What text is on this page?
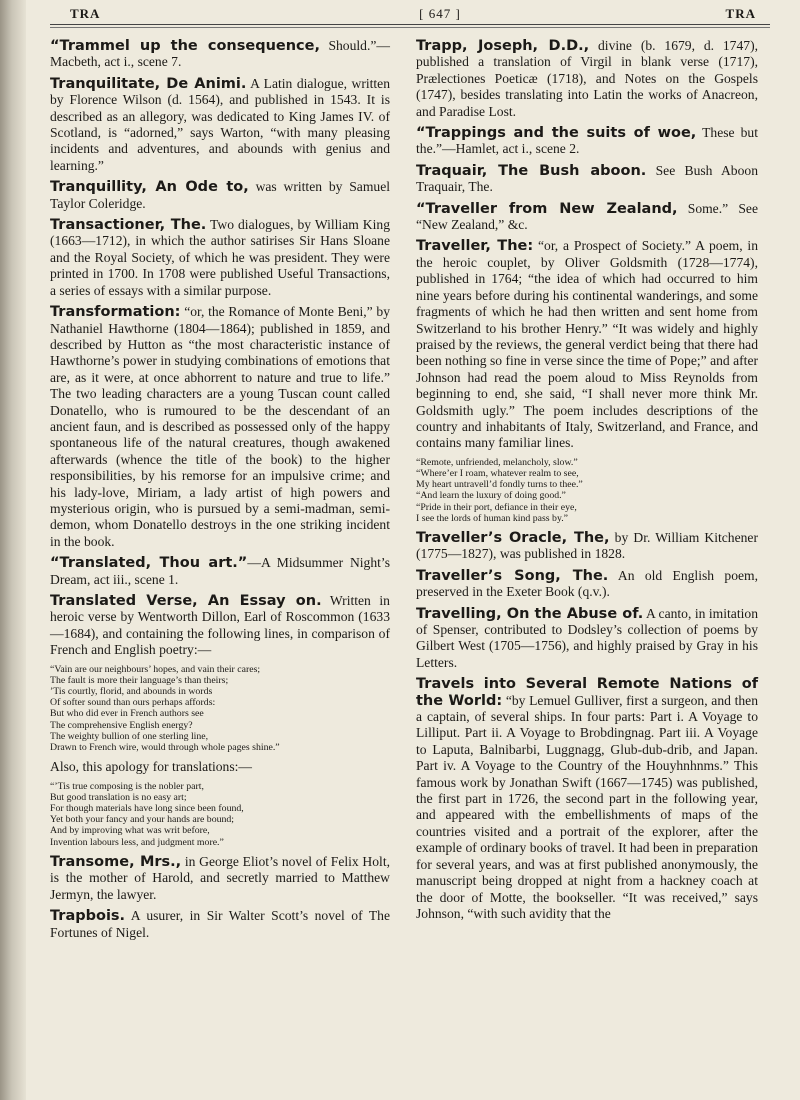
TRA	[ 647 ]	TRA

“Trammel up the consequence, Should.”—Macbeth, act i., scene 7.

Tranquilitate, De Animi. A Latin dialogue, written by Florence Wilson (d. 1564), and published in 1543. It is described as an allegory, was dedicated to King James IV. of Scotland, is “adorned,” says Warton, “with many pleasing incidents and adventures, and abounds with genius and learning.”

Tranquillity, An Ode to, was written by Samuel Taylor Coleridge.

Transactioner, The. Two dialogues, by William King (1663—1712), in which the author satirises Sir Hans Sloane and the Royal Society, of which he was president. They were printed in 1700. In 1708 were published Useful Transactions, a series of essays with a similar purpose.

Transformation: “or, the Romance of Monte Beni,” by Nathaniel Hawthorne (1804—1864); published in 1859, and described by Hutton as “the most characteristic instance of Hawthorne’s power in studying combinations of emotions that are, as it were, at once abhorrent to nature and true to life.” The two leading characters are a young Tuscan count called Donatello, who is rumoured to be the descendant of an ancient faun, and is described as possessed only of the happy spontaneous life of the natural creatures, though awakened afterwards (whence the title of the book) to the higher responsibilities, by his remorse for an impulsive crime; and his lady-love, Miriam, a lady artist of high powers and mysterious origin, who is pursued by a semi-madman, semi-demon, whom Donatello destroys in the one striking incident in the book.

“Translated, Thou art.”—A Midsummer Night’s Dream, act iii., scene 1.

Translated Verse, An Essay on. Written in heroic verse by Wentworth Dillon, Earl of Roscommon (1633—1684), and containing the following lines, in comparison of French and English poetry:—

“Vain are our neighbours’ hopes, and vain their cares;
The fault is more their language’s than theirs;
’Tis courtly, florid, and abounds in words
Of softer sound than ours perhaps affords:
But who did ever in French authors see
The comprehensive English energy?
The weighty bullion of one sterling line,
Drawn to French wire, would through whole pages shine.”

Also, this apology for translations:—

“’Tis true composing is the nobler part,
But good translation is no easy art;
For though materials have long since been found,
Yet both your fancy and your hands are bound;
And by improving what was writ before,
Invention labours less, and judgment more.”

Transome, Mrs., in George Eliot’s novel of Felix Holt, is the mother of Harold, and secretly married to Matthew Jermyn, the lawyer.

Trapbois. A usurer, in Sir Walter Scott’s novel of The Fortunes of Nigel.

Trapp, Joseph, D.D., divine (b. 1679, d. 1747), published a translation of Virgil in blank verse (1717), Prælectiones Poeticæ (1718), and Notes on the Gospels (1747), besides translating into Latin the works of Anacreon, and Paradise Lost.

“Trappings and the suits of woe, These but the.”—Hamlet, act i., scene 2.

Traquair, The Bush aboon. See Bush Aboon Traquair, The.

“Traveller from New Zealand, Some.” See “New Zealand,” &c.

Traveller, The: “or, a Prospect of Society.” A poem, in the heroic couplet, by Oliver Goldsmith (1728—1774), published in 1764; “the idea of which had occurred to him nine years before during his continental wanderings, and some fragments of which he had then written and sent home from Switzerland to his brother Henry.” “It was widely and highly praised by the reviews, the general verdict being that there had been nothing so fine in verse since the time of Pope;” and after Johnson had read the poem aloud to Miss Reynolds from beginning to end, she said, “I shall never more think Mr. Goldsmith ugly.” The poem includes descriptions of the country and inhabitants of Italy, Switzerland, and France, and contains many familiar lines.

“Remote, unfriended, melancholy, slow.”
“Where’er I roam, whatever realm to see,
My heart untravell’d fondly turns to thee.”
“And learn the luxury of doing good.”
“Pride in their port, defiance in their eye,
I see the lords of human kind pass by.”

Traveller’s Oracle, The, by Dr. William Kitchener (1775—1827), was published in 1828.

Traveller’s Song, The. An old English poem, preserved in the Exeter Book (q.v.).

Travelling, On the Abuse of. A canto, in imitation of Spenser, contributed to Dodsley’s collection of poems by Gilbert West (1705—1756), and highly praised by Gray in his Letters.

Travels into Several Remote Nations of the World: “by Lemuel Gulliver, first a surgeon, and then a captain, of several ships. In four parts: Part i. A Voyage to Lilliput. Part ii. A Voyage to Brobdingnag. Part iii. A Voyage to Laputa, Balnibarbi, Luggnagg, Glub-dub-drib, and Japan. Part iv. A Voyage to the Country of the Houyhnhnms.” This famous work by Jonathan Swift (1667—1745) was published, the first part in 1726, the second part in the following year, and appeared with the embellishments of maps of the countries visited and a portrait of the explorer, after the example of ordinary books of travel. It had been in preparation for several years, and was at first published anonymously, the manuscript being dropped at night from a hackney coach at the door of Motte, the bookseller. “It was received,” says Johnson, “with such avidity that the
